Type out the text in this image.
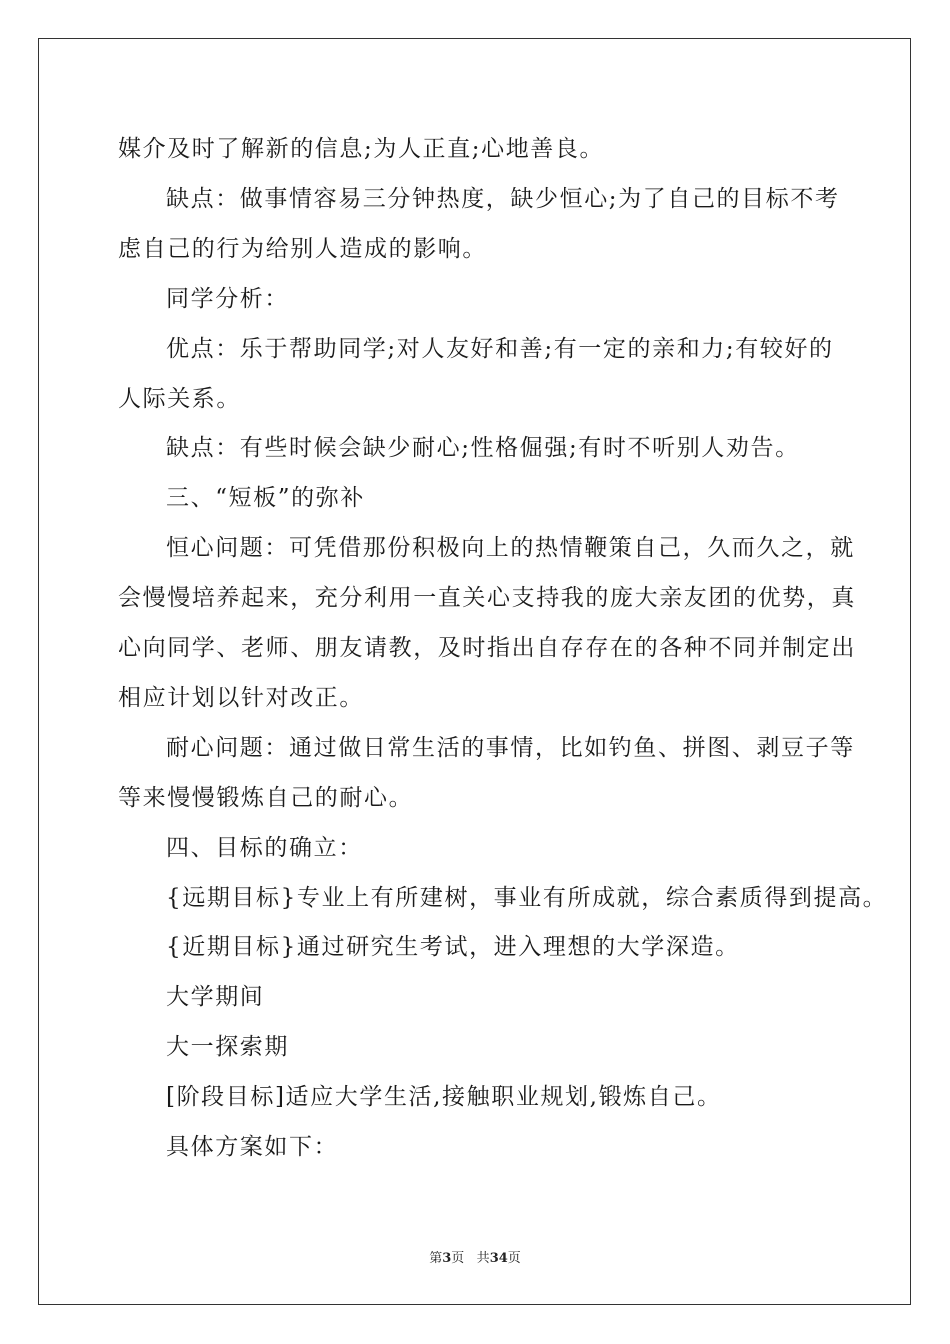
媒介及时了解新的信息;为人正直;心地善良。
缺点：做事情容易三分钟热度，缺少恒心;为了自己的目标不考
虑自己的行为给别人造成的影响。
同学分析：
优点：乐于帮助同学;对人友好和善;有一定的亲和力;有较好的
人际关系。
缺点：有些时候会缺少耐心;性格倔强;有时不听别人劝告。
三、“短板”的弥补
恒心问题：可凭借那份积极向上的热情鞭策自己，久而久之，就
会慢慢培养起来，充分利用一直关心支持我的庞大亲友团的优势，真
心向同学、老师、朋友请教，及时指出自存存在的各种不同并制定出
相应计划以针对改正。
耐心问题：通过做日常生活的事情，比如钓鱼、拼图、剥豆子等
等来慢慢锻炼自己的耐心。
四、目标的确立：
{远期目标}专业上有所建树，事业有所成就，综合素质得到提高。
{近期目标}通过研究生考试，进入理想的大学深造。
大学期间
大一探索期
[阶段目标]适应大学生活,接触职业规划,锻炼自己。
具体方案如下：
第3页 共34页
